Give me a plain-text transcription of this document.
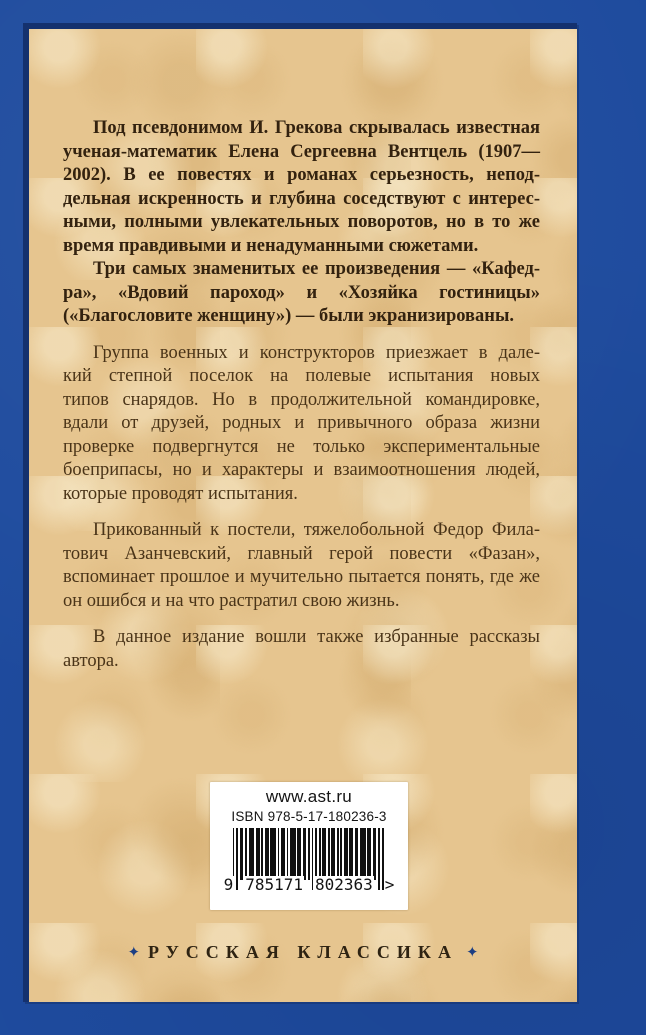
Под псевдонимом И. Грекова скрывалась известная
ученая-математик Елена Сергеевна Вентцель (1907—
2002). В ее повестях и романах серьезность, непод-
дельная искренность и глубина соседствуют с интерес-
ными, полными увлекательных поворотов, но в то же
время правдивыми и ненадуманными сюжетами.
Три самых знаменитых ее произведения — «Кафед-
ра», «Вдовий пароход» и «Хозяйка гостиницы»
(«Благословите женщину») — были экранизированы.
Группа военных и конструкторов приезжает в дале-
кий степной поселок на полевые испытания новых
типов снарядов. Но в продолжительной командировке,
вдали от друзей, родных и привычного образа жизни
проверке подвергнутся не только экспериментальные
боеприпасы, но и характеры и взаимоотношения людей,
которые проводят испытания.
Прикованный к постели, тяжелобольной Федор Фила-
тович Азанчевский, главный герой повести «Фазан»,
вспоминает прошлое и мучительно пытается понять, где же
он ошибся и на что растратил свою жизнь.
В данное издание вошли также избранные рассказы
автора.
www.ast.ru
ISBN 978-5-17-180236-3
9 785171 802363 >
✦ РУССКАЯ КЛАССИКА ✦
